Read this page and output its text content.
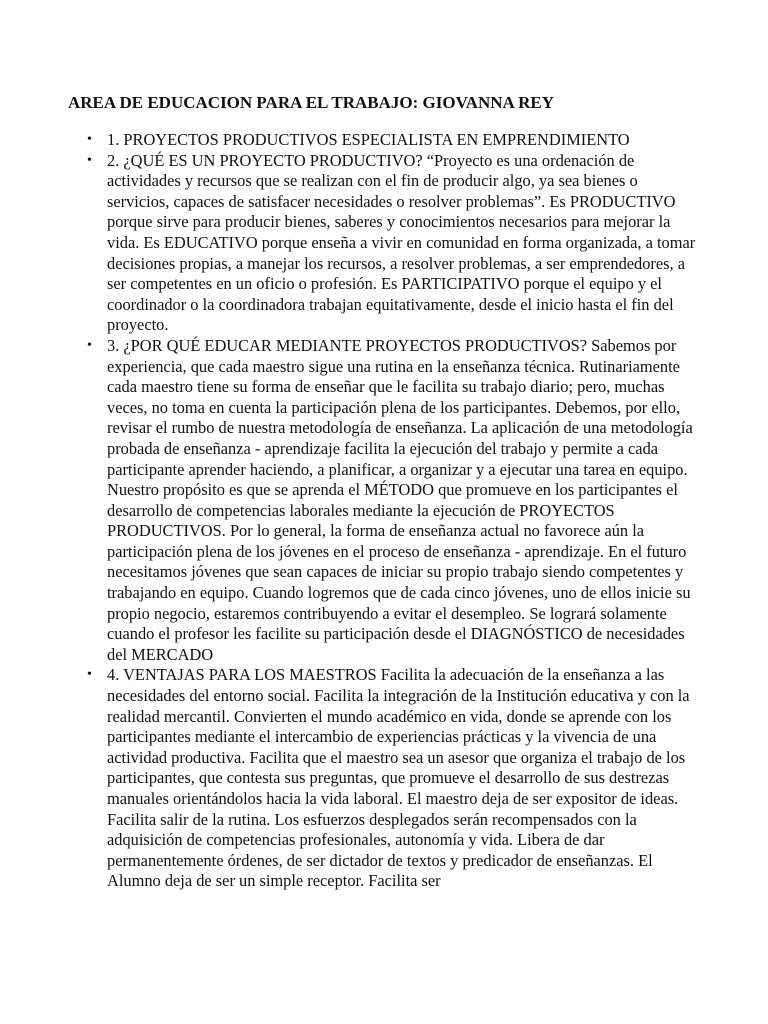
AREA DE EDUCACION PARA EL TRABAJO: GIOVANNA REY
• 1. PROYECTOS PRODUCTIVOS ESPECIALISTA EN EMPRENDIMIENTO
• 2. ¿QUÉ ES UN PROYECTO PRODUCTIVO? “Proyecto es una ordenación de actividades y recursos que se realizan con el fin de producir algo, ya sea bienes o servicios, capaces de satisfacer necesidades o resolver problemas”. Es PRODUCTIVO porque sirve para producir bienes, saberes y conocimientos necesarios para mejorar la vida. Es EDUCATIVO porque enseña a vivir en comunidad en forma organizada, a tomar decisiones propias, a manejar los recursos, a resolver problemas, a ser emprendedores, a ser competentes en un oficio o profesión. Es PARTICIPATIVO porque el equipo y el coordinador o la coordinadora trabajan equitativamente, desde el inicio hasta el fin del proyecto.
• 3. ¿POR QUÉ EDUCAR MEDIANTE PROYECTOS PRODUCTIVOS? Sabemos por experiencia, que cada maestro sigue una rutina en la enseñanza técnica. Rutinariamente cada maestro tiene su forma de enseñar que le facilita su trabajo diario; pero, muchas veces, no toma en cuenta la participación plena de los participantes. Debemos, por ello, revisar el rumbo de nuestra metodología de enseñanza. La aplicación de una metodología probada de enseñanza - aprendizaje facilita la ejecución del trabajo y permite a cada participante aprender haciendo, a planificar, a organizar y a ejecutar una tarea en equipo. Nuestro propósito es que se aprenda el MÉTODO que promueve en los participantes el desarrollo de competencias laborales mediante la ejecución de PROYECTOS PRODUCTIVOS. Por lo general, la forma de enseñanza actual no favorece aún la participación plena de los jóvenes en el proceso de enseñanza - aprendizaje. En el futuro necesitamos jóvenes que sean capaces de iniciar su propio trabajo siendo competentes y trabajando en equipo. Cuando logremos que de cada cinco jóvenes, uno de ellos inicie su propio negocio, estaremos contribuyendo a evitar el desempleo. Se logrará solamente cuando el profesor les facilite su participación desde el DIAGNÓSTICO de necesidades del MERCADO
• 4. VENTAJAS PARA LOS MAESTROS Facilita la adecuación de la enseñanza a las necesidades del entorno social. Facilita la integración de la Institución educativa y con la realidad mercantil. Convierten el mundo académico en vida, donde se aprende con los participantes mediante el intercambio de experiencias prácticas y la vivencia de una actividad productiva. Facilita que el maestro sea un asesor que organiza el trabajo de los participantes, que contesta sus preguntas, que promueve el desarrollo de sus destrezas manuales orientándolos hacia la vida laboral. El maestro deja de ser expositor de ideas. Facilita salir de la rutina. Los esfuerzos desplegados serán recompensados con la adquisición de competencias profesionales, autonomía y vida. Libera de dar permanentemente órdenes, de ser dictador de textos y predicador de enseñanzas. El Alumno deja de ser un simple receptor. Facilita ser
